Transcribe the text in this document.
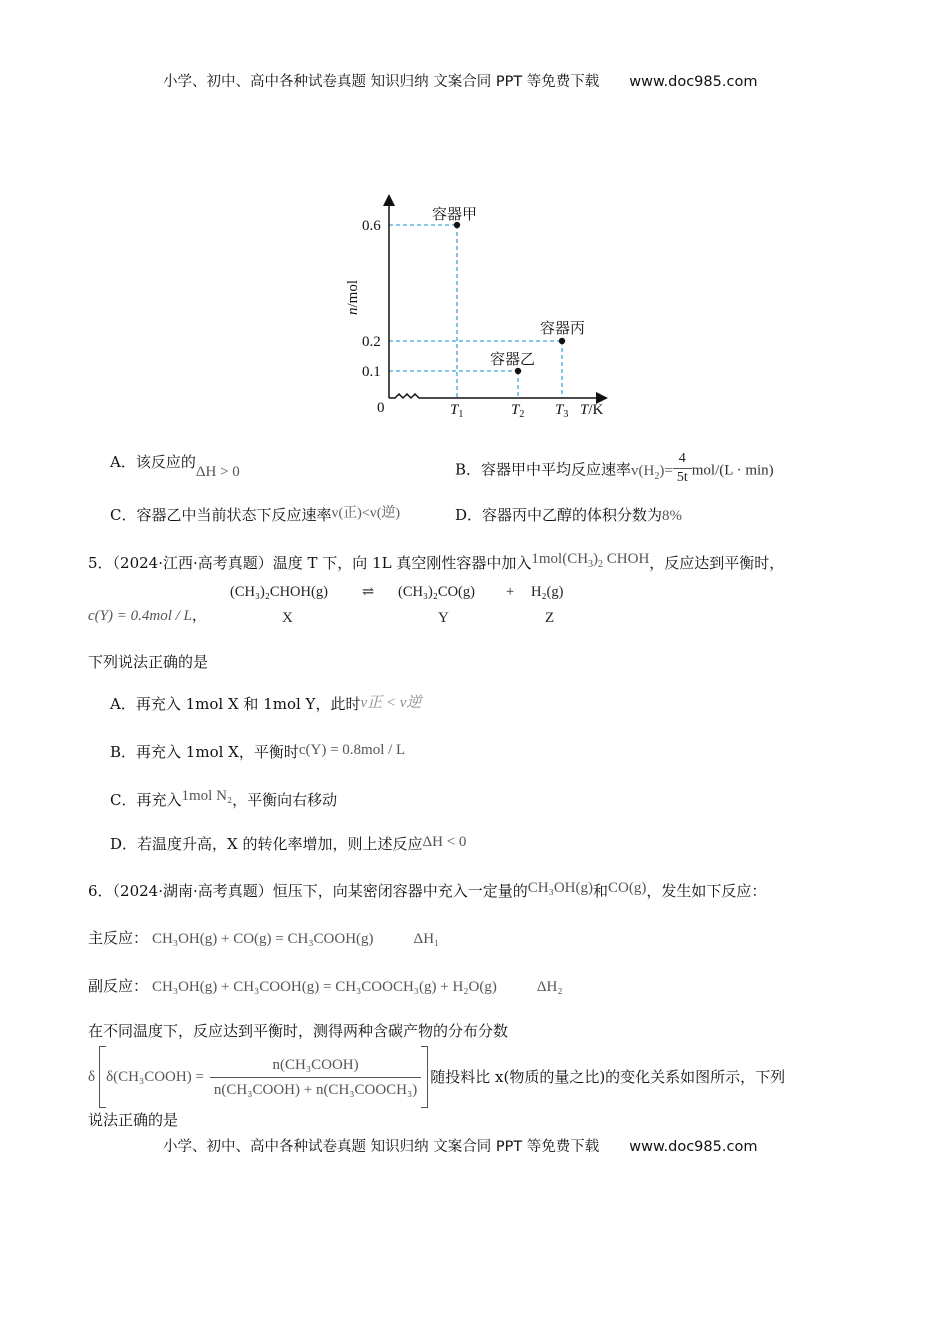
小学、初中、高中各种试卷真题 知识归纳 文案合同 PPT 等免费下载 www.doc985.com
容器甲
容器乙
容器丙
0.6
0.2
0.1
0	$T_1$	$T_2$ $T_3$ T/K
n/mol
A．该反应的ΔH > 0	B．容器甲中平均反应速率$v(H_2)= \frac{4}{5t} mol/(L \cdot \min)$
C．容器乙中当前状态下反应速率v(正)<v(逆)	D．容器丙中乙醇的体积分数为8%
5．（2024·江西·高考真题）温度 T 下，向 1L 真空刚性容器中加入$1mol(CH_3)_2$ CHOH，反应达到平衡时，
c(Y) = 0.4mol / L，
(CH₃)₂CHOH(g) ⇌ (CH₃)₂CO(g) + H₂(g)
X	Y	Z
下列说法正确的是
A．再充入 1mol X 和 1mol Y，此时v正 < v逆
B．再充入 1mol X，平衡时c(Y) = 0.8mol / L
C．再充入1mol N₂，平衡向右移动
D．若温度升高，X 的转化率增加，则上述反应ΔH < 0
6．（2024·湖南·高考真题）恒压下，向某密闭容器中充入一定量的CH₃OH(g)和CO(g)，发生如下反应：
主反应： CH₃OH(g) + CO(g) = CH₃COOH(g)	ΔH₁
副反应： CH₃OH(g) + CH₃COOH(g) = CH₃COOCH₃(g) + H₂O(g)	ΔH₂
在不同温度下，反应达到平衡时，测得两种含碳产物的分布分数
δ δ(CH₃COOH) = $\frac{\text{n(CH₃COOH)}}{\text{n(CH₃COOH) + n(CH₃COOCH₃)}}$ 随投料比 x(物质的量之比)的变化关系如图所示，下列
说法正确的是
小学、初中、高中各种试卷真题 知识归纳 文案合同 PPT 等免费下载 www.doc985.com
